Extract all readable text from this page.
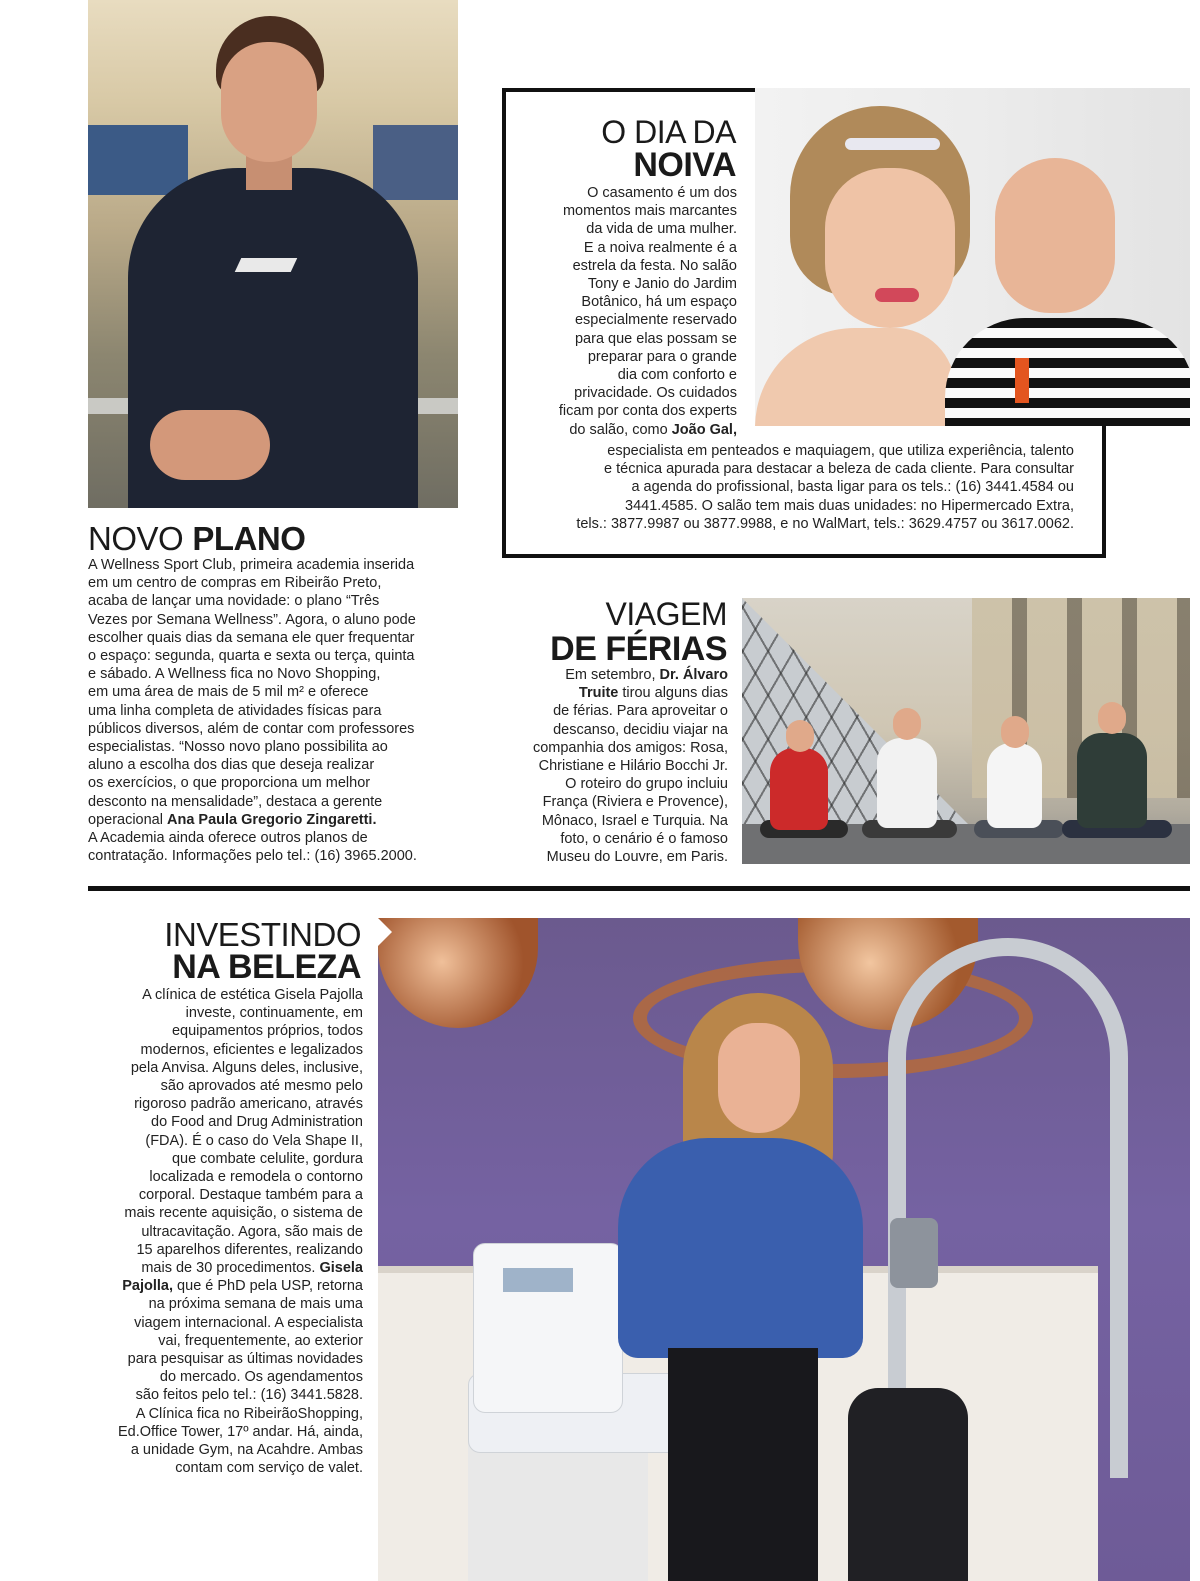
NOVO PLANO

A Wellness Sport Club, primeira academia inserida

em um centro de compras em Ribeirão Preto,

acaba de lançar uma novidade: o plano “Três

Vezes por Semana Wellness”. Agora, o aluno pode

escolher quais dias da semana ele quer frequentar

o espaço: segunda, quarta e sexta ou terça, quinta

e sábado. A Wellness fica no Novo Shopping,

em uma área de mais de 5 mil m² e oferece

uma linha completa de atividades físicas para

públicos diversos, além de contar com professores

especialistas. “Nosso novo plano possibilita ao

aluno a escolha dos dias que deseja realizar

os exercícios, o que proporciona um melhor

desconto na mensalidade”, destaca a gerente

operacional Ana Paula Gregorio Zingaretti.

A Academia ainda oferece outros planos de

contratação. Informações pelo tel.: (16) 3965.2000.

O DIA DA
NOIVA

O casamento é um dos

momentos mais marcantes

da vida de uma mulher.

E a noiva realmente é a

estrela da festa. No salão

Tony e Janio do Jardim

Botânico, há um espaço

especialmente reservado

para que elas possam se

preparar para o grande

dia com conforto e

privacidade. Os cuidados

ficam por conta dos experts

do salão, como João Gal,

especialista em penteados e maquiagem, que utiliza experiência, talento

e técnica apurada para destacar a beleza de cada cliente. Para consultar

a agenda do profissional, basta ligar para os tels.: (16) 3441.4584 ou

3441.4585. O salão tem mais duas unidades: no Hipermercado Extra,

tels.: 3877.9987 ou 3877.9988, e no WalMart, tels.: 3629.4757 ou 3617.0062.

VIAGEM
DE FÉRIAS

Em setembro, Dr. Álvaro

Truite tirou alguns dias

de férias. Para aproveitar o

descanso, decidiu viajar na

companhia dos amigos: Rosa,

Christiane e Hilário Bocchi Jr.

O roteiro do grupo incluiu

França (Riviera e Provence),

Mônaco, Israel e Turquia. Na

foto, o cenário é o famoso

Museu do Louvre, em Paris.

INVESTINDO
NA BELEZA

A clínica de estética Gisela Pajolla

investe, continuamente, em

equipamentos próprios, todos

modernos, eficientes e legalizados

pela Anvisa. Alguns deles, inclusive,

são aprovados até mesmo pelo

rigoroso padrão americano, através

do Food and Drug Administration

(FDA). É o caso do Vela Shape II,

que combate celulite, gordura

localizada e remodela o contorno

corporal. Destaque também para a

mais recente aquisição, o sistema de

ultracavitação. Agora, são mais de

15 aparelhos diferentes, realizando

mais de 30 procedimentos. Gisela

Pajolla, que é PhD pela USP, retorna

na próxima semana de mais uma

viagem internacional. A especialista

vai, frequentemente, ao exterior

para pesquisar as últimas novidades

do mercado. Os agendamentos

são feitos pelo tel.: (16) 3441.5828.

A Clínica fica no RibeirãoShopping,

Ed.Office Tower, 17º andar. Há, ainda,

a unidade Gym, na Acahdre. Ambas

contam com serviço de valet.
